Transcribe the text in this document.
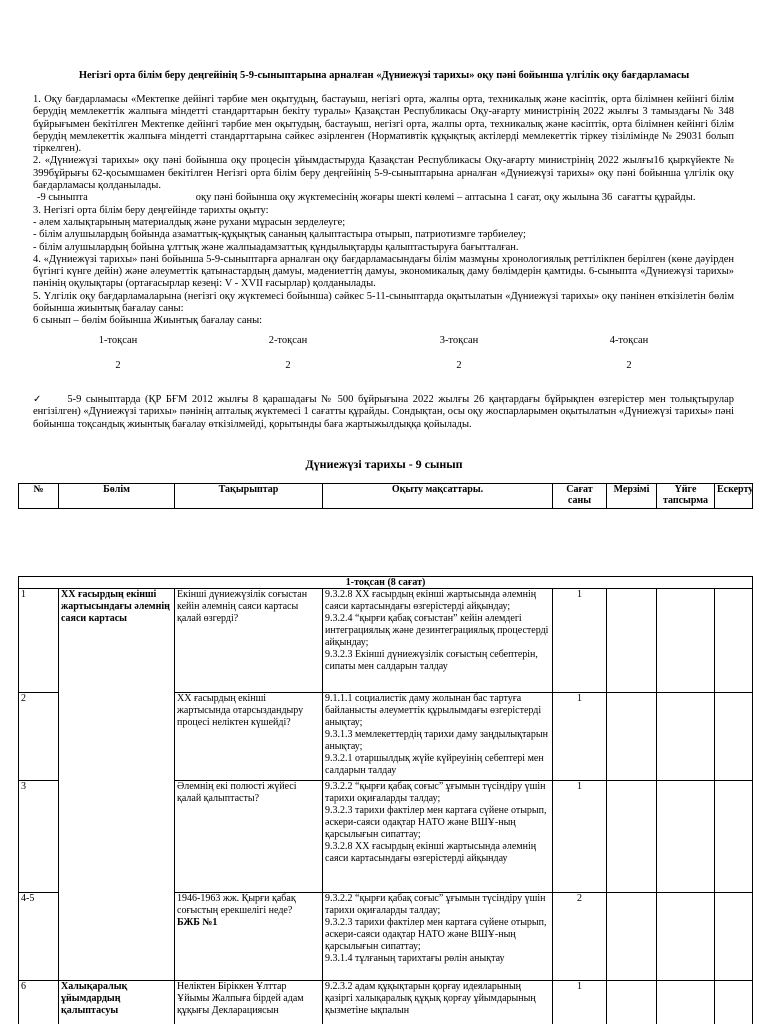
Негізгі орта білім беру деңгейінің 5-9-сыныптарына арналған «Дүниежүзі тарихы» оқу пәні бойынша үлгілік оқу бағдарламасы

1. Оқу бағдарламасы «Мектепке дейінгі тәрбие мен оқытудың, бастауыш, негізгі орта, жалпы орта, техникалық және кәсіптік, орта білімнен кейінгі білім берудің мемлекеттік жалпыға міндетті стандарттарын бекіту туралы» Қазақстан Республикасы Оқу-ағарту министрінің 2022 жылғы 3 тамыздағы № 348 бұйрығымен бекітілген Мектепке дейінгі тәрбие мен оқытудың, бастауыш, негізгі орта, жалпы орта, техникалық және кәсіптік, орта білімнен кейінгі білім берудің мемлекеттік жалпыға міндетті стандарттарына сәйкес әзірленген (Нормативтік құқықтық актілерді мемлекеттік тіркеу тізілімінде № 29031 болып тіркелген).

2. «Дүниежүзі тарихы» оқу пәні бойынша оқу процесін ұйымдастыруда Қазақстан Республикасы Оқу-ағарту министрінің 2022 жылғы16 қыркүйекте № 399бұйрығы 62-қосымшамен бекітілген Негізгі орта білім беру деңгейінің 5-9-сыныптарына арналған «Дүниежүзі тарихы» оқу пәні бойынша үлгілік оқу бағдарламасы қолданылады.

-9 сыныпта	оқу пәні бойынша оқу жүктемесінің жоғары шекті көлемі – аптасына 1 сағат, оқу жылына 36  сағатты құрайды.

3. Негізгі орта білім беру деңгейінде тарихты оқыту:

- әлем халықтарының материалдық және рухани мұрасын зерделеуге;

- білім алушылардың бойында азаматтық-құқықтық сананың қалыптастыра отырып, патриотизмге тәрбиелеу;

- білім алушылардың бойына ұлттық және жалпыадамзаттық құндылықтарды қалыптастыруға бағытталған.

4. «Дүниежүзі тарихы» пәні бойынша 5-9-сыныптарға арналған оқу бағдарламасындағы білім мазмұны хронологиялық реттілікпен берілген (көне дәуірден бүгінгі күнге дейін) және әлеуметтік қатынастардың дамуы, мәдениеттің дамуы, экономикалық даму бөлімдерін қамтиды. 6-сыныпта «Дүниежүзі тарихы» пәнінің оқулықтары (ортағасырлар кезеңі: V - XVII ғасырлар) қолданылады.

5. Үлгілік оқу бағдарламаларына (негізгі оқу жүктемесі бойынша) сәйкес 5-11-сыныптарда оқытылатын «Дүниежүзі тарихы» оқу пәнінен өткізілетін бөлім бойынша жиынтық бағалау саны:

6 сынып – бөлім бойынша Жиынтық бағалау саны:

1-тоқсан	2-тоқсан	3-тоқсан	4-тоқсан
2	2	2	2
✓ 5-9 сыныптарда (ҚР БҒМ 2012 жылғы 8 қарашадағы № 500 бұйрығына 2022 жылғы 26 қаңтардағы бұйрықпен өзгерістер мен толықтырулар енгізілген) «Дүниежүзі тарихы» пәнінің апталық жүктемесі 1 сағатты құрайды. Сондықтан, осы оқу жоспарларымен оқытылатын «Дүниежүзі тарихы» пәні бойынша тоқсандық жиынтық бағалау өткізілмейді, қорытынды баға жартыжылдыққа қойылады.
Дүниежүзі тарихы - 9 сынып
№	Бөлім	Тақырыптар	Оқыту мақсаттары.	Сағат саны	Мерзімі	Үйге тапсырма	Ескерту
1-тоқсан (8 сағат)							
1	XX ғасырдың екінші жартысындағы әлемнің саяси картасы	Екінші дүниежүзілік соғыстан кейін әлемнің саяси картасы қалай өзгерді?	9.3.2.8 XX ғасырдың екінші жартысында әлемнің саяси картасындағы өзгерістерді айқындау;
9.3.2.4 “қырғи қабақ соғыстан” кейін әлемдегі интеграциялық және дезинтеграциялық процестерді айқындау;
9.3.2.3 Екінші дүниежүзілік соғыстың себептерін, сипаты мен салдарын талдау	1			
2		XX ғасырдың екінші жартысында отарсыздандыру процесі неліктен күшейді?	9.1.1.1 социалистік даму жолынан бас тартуға байланысты әлеуметтік құрылымдағы өзгерістерді анықтау;
9.3.1.3 мемлекеттердің тарихи даму заңдылықтарын анықтау;
9.3.2.1 отаршылдық жүйе күйреуінің себептері мен салдарын талдау	1			
3		Әлемнің екі полюсті жүйесі қалай қалыптасты?	9.3.2.2 “қырғи қабақ соғыс” ұғымын түсіндіру үшін тарихи оқиғаларды талдау;
9.3.2.3 тарихи фактілер мен картаға сүйене отырып, әскери-саяси одақтар НАТО және ВШҰ-ның қарсылығын сипаттау;
9.3.2.8 XX ғасырдың екінші жартысында әлемнің саяси картасындағы өзгерістерді айқындау	1			
4-5		1946-1963 жж. Қырғи қабақ соғыстың ерекшелігі неде?
БЖБ №1	9.3.2.2 “қырғи қабақ соғыс” ұғымын түсіндіру үшін тарихи оқиғаларды талдау;
9.3.2.3 тарихи фактілер мен картаға сүйене отырып, әскери-саяси одақтар НАТО және ВШҰ-ның қарсылығын сипаттау;
9.3.1.4 тұлғаның тарихтағы рөлін анықтау	2			
6	Халықаралық ұйымдардың қалыптасуы	Неліктен Біріккен Ұлттар Ұйымы Жалпыға бірдей адам құқығы Декларациясын	9.2.3.2 адам құқықтарын қорғау идеяларының қазіргі халықаралық құқық қорғау ұйымдарының қызметіне ықпалын	1			
